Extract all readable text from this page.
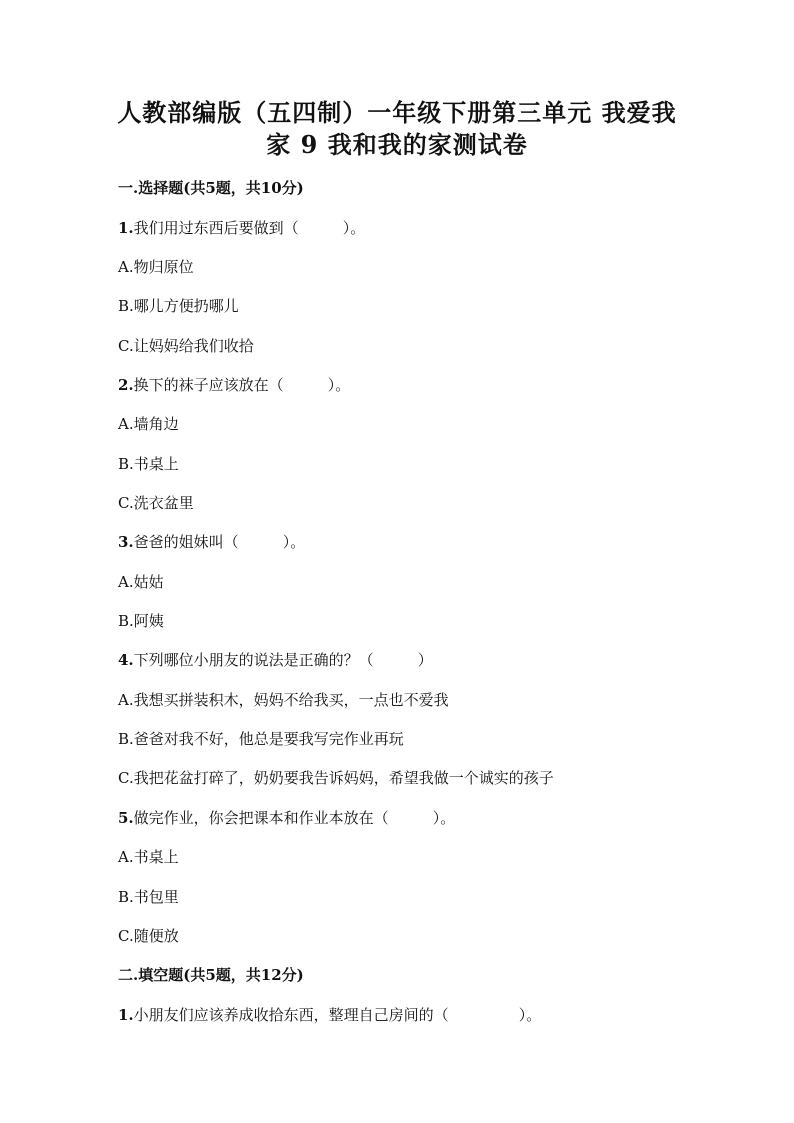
人教部编版（五四制）一年级下册第三单元 我爱我
家 9 我和我的家测试卷
一.选择题(共5题，共10分)
1.我们用过东西后要做到（	）。
A.物归原位
B.哪儿方便扔哪儿
C.让妈妈给我们收拾
2.换下的袜子应该放在（	）。
A.墙角边
B.书桌上
C.洗衣盆里
3.爸爸的姐妹叫（	）。
A.姑姑
B.阿姨
4.下列哪位小朋友的说法是正确的？（	）
A.我想买拼装积木，妈妈不给我买，一点也不爱我
B.爸爸对我不好，他总是要我写完作业再玩
C.我把花盆打碎了，奶奶要我告诉妈妈，希望我做一个诚实的孩子
5.做完作业，你会把课本和作业本放在（	）。
A.书桌上
B.书包里
C.随便放
二.填空题(共5题，共12分)
1.小朋友们应该养成收拾东西，整理自己房间的（	）。
